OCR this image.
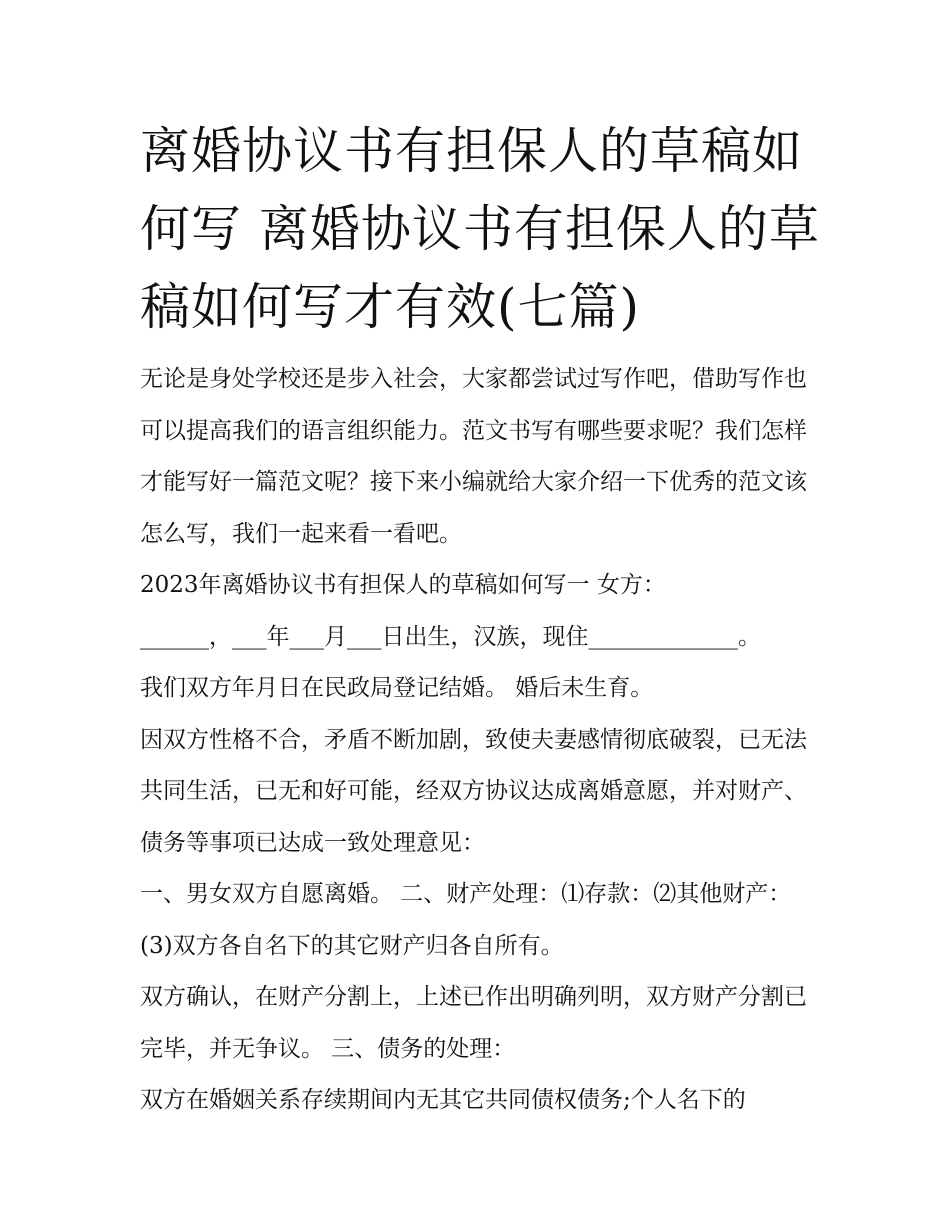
离婚协议书有担保人的草稿如何写 离婚协议书有担保人的草稿如何写才有效(七篇)

无论是身处学校还是步入社会，大家都尝试过写作吧，借助写作也可以提高我们的语言组织能力。范文书写有哪些要求呢？我们怎样才能写好一篇范文呢？接下来小编就给大家介绍一下优秀的范文该怎么写，我们一起来看一看吧。

2023年离婚协议书有担保人的草稿如何写一 女方：

______，___年___月___日出生，汉族，现住_____________。

我们双方年月日在民政局登记结婚。 婚后未生育。

因双方性格不合，矛盾不断加剧，致使夫妻感情彻底破裂，已无法共同生活，已无和好可能，经双方协议达成离婚意愿，并对财产、债务等事项已达成一致处理意见：

一、男女双方自愿离婚。 二、财产处理：⑴存款：⑵其他财产：(3)双方各自名下的其它财产归各自所有。

双方确认，在财产分割上，上述已作出明确列明，双方财产分割已完毕，并无争议。 三、债务的处理：

双方在婚姻关系存续期间内无其它共同债权债务;个人名下的
